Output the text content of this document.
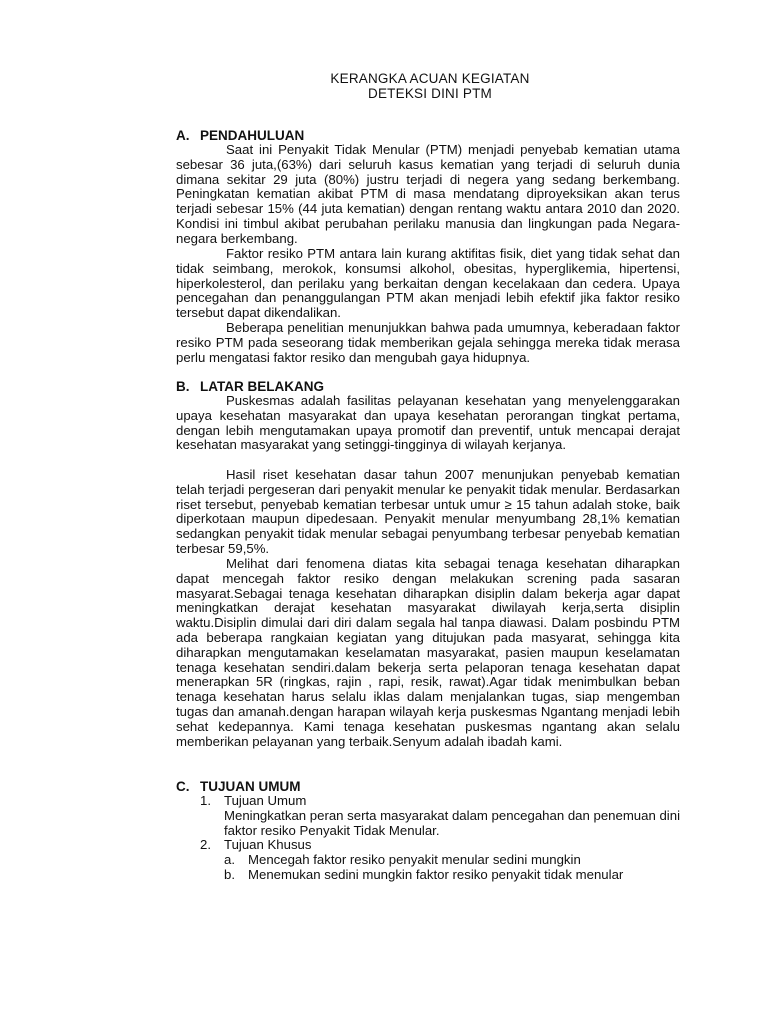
KERANGKA ACUAN KEGIATAN
DETEKSI DINI PTM
A. PENDAHULUAN
Saat ini Penyakit Tidak Menular (PTM) menjadi penyebab kematian utama sebesar 36 juta,(63%) dari seluruh kasus kematian yang terjadi di seluruh dunia dimana sekitar 29 juta (80%) justru terjadi di negera yang sedang berkembang. Peningkatan kematian akibat PTM di masa mendatang diproyeksikan akan terus terjadi sebesar 15% (44 juta kematian) dengan rentang waktu antara 2010 dan 2020. Kondisi ini timbul akibat perubahan perilaku manusia dan lingkungan pada Negara-negara berkembang.
Faktor resiko PTM antara lain kurang aktifitas fisik, diet yang tidak sehat dan tidak seimbang, merokok, konsumsi alkohol, obesitas, hyperglikemia, hipertensi, hiperkolesterol, dan perilaku yang berkaitan dengan kecelakaan dan cedera. Upaya pencegahan dan penanggulangan PTM akan menjadi lebih efektif jika faktor resiko tersebut dapat dikendalikan.
Beberapa penelitian menunjukkan bahwa pada umumnya, keberadaan faktor resiko PTM pada seseorang tidak memberikan gejala sehingga mereka tidak merasa perlu mengatasi faktor resiko dan mengubah gaya hidupnya.
B. LATAR BELAKANG
Puskesmas adalah fasilitas pelayanan kesehatan yang menyelenggarakan upaya kesehatan masyarakat dan upaya kesehatan perorangan tingkat pertama, dengan lebih mengutamakan upaya promotif dan preventif, untuk mencapai derajat kesehatan masyarakat yang setinggi-tingginya di wilayah kerjanya.
Hasil riset kesehatan dasar tahun 2007 menunjukan penyebab kematian telah terjadi pergeseran dari penyakit menular ke penyakit tidak menular. Berdasarkan riset tersebut, penyebab kematian terbesar untuk umur ≥ 15 tahun adalah stoke, baik diperkotaan maupun dipedesaan. Penyakit menular menyumbang 28,1% kematian sedangkan penyakit tidak menular sebagai penyumbang terbesar penyebab kematian terbesar 59,5%.
Melihat dari fenomena diatas kita sebagai tenaga kesehatan diharapkan dapat mencegah faktor resiko dengan melakukan screning pada sasaran masyarat.Sebagai tenaga kesehatan diharapkan disiplin dalam bekerja agar dapat meningkatkan derajat kesehatan masyarakat diwilayah kerja,serta disiplin waktu.Disiplin dimulai dari diri dalam segala hal tanpa diawasi. Dalam posbindu PTM ada beberapa rangkaian kegiatan yang ditujukan pada masyarat, sehingga kita diharapkan mengutamakan keselamatan masyarakat, pasien maupun keselamatan tenaga kesehatan sendiri.dalam bekerja serta pelaporan tenaga kesehatan dapat menerapkan 5R (ringkas, rajin , rapi, resik, rawat).Agar tidak menimbulkan beban tenaga kesehatan harus selalu iklas dalam menjalankan tugas, siap mengemban tugas dan amanah.dengan harapan wilayah kerja puskesmas Ngantang menjadi lebih sehat kedepannya. Kami tenaga kesehatan puskesmas ngantang akan selalu memberikan pelayanan yang terbaik.Senyum adalah ibadah kami.
C. TUJUAN UMUM
1. Tujuan Umum
Meningkatkan peran serta masyarakat dalam pencegahan dan penemuan dini faktor resiko Penyakit Tidak Menular.
2. Tujuan Khusus
a. Mencegah faktor resiko penyakit menular sedini mungkin
b. Menemukan sedini mungkin faktor resiko penyakit tidak menular
